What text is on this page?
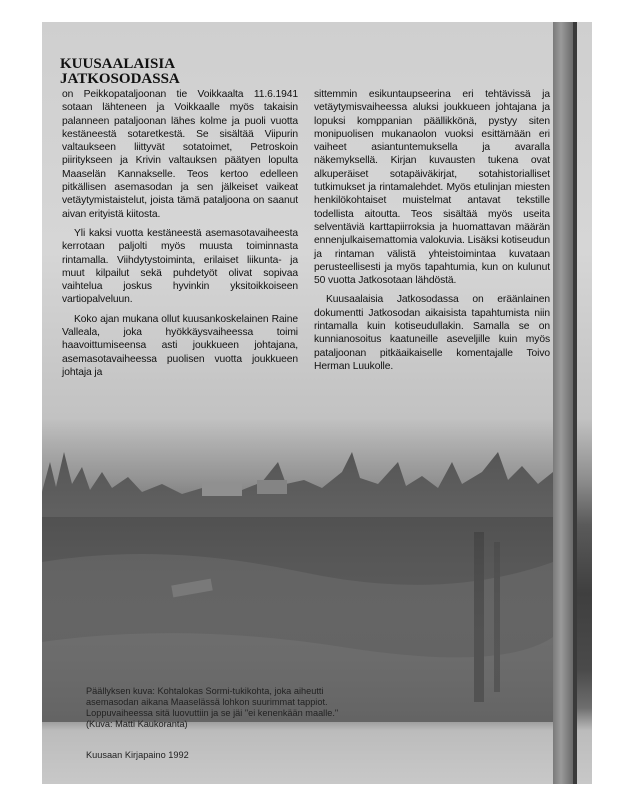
KUUSAALAISIA
JATKOSODASSA

on Peikkopataljoonan tie Voikkaalta 11.6.1941 sotaan lähteneen ja Voikkaalle myös takaisin palanneen pataljoonan lähes kolme ja puoli vuotta kestäneestä sotaretkestä. Se sisältää Viipurin valtaukseen liittyvät sotatoimet, Petroskoin piiritykseen ja Krivin valtauksen päätyen lopulta Maaselän Kannakselle. Teos kertoo edelleen pitkällisen asemasodan ja sen jälkeiset vaikeat vetäytymistaistelut, joista tämä pataljoona on saanut aivan erityistä kiitosta.

Yli kaksi vuotta kestäneestä asemasotavaiheesta kerrotaan paljolti myös muusta toiminnasta rintamalla. Viihdytystoiminta, erilaiset liikunta- ja muut kilpailut sekä puhdetyöt olivat sopivaa vaihtelua joskus hyvinkin yksitoikkoiseen vartiopalveluun.

Koko ajan mukana ollut kuusankoskelainen Raine Valleala, joka hyökkäysvaiheessa toimi haavoittumiseensa asti joukkueen johtajana, asemasotavaiheessa puolisen vuotta joukkueen johtaja ja

sittemmin esikuntaupseerina eri tehtävissä ja vetäytymisvaiheessa aluksi joukkueen johtajana ja lopuksi komppanian päällikkönä, pystyy siten monipuolisen mukanaolon vuoksi esittämään eri vaiheet asiantuntemuksella ja avaralla näkemyksellä. Kirjan kuvausten tukena ovat alkuperäiset sotapäiväkirjat, sotahistorialliset tutkimukset ja rintamalehdet. Myös etulinjan miesten henkilökohtaiset muistelmat antavat tekstille todellista aitoutta. Teos sisältää myös useita selventäviä karttapiirroksia ja huomattavan määrän ennenjulkaisemattomia valokuvia. Lisäksi kotiseudun ja rintaman välistä yhteistoimintaa kuvataan perusteellisesti ja myös tapahtumia, kun on kulunut 50 vuotta Jatkosotaan lähdöstä.

Kuusaalaisia Jatkosodassa on eräänlainen dokumentti Jatkosodan aikaisista tapahtumista niin rintamalla kuin kotiseudullakin. Samalla se on kunnianosoitus kaatuneille aseveljille kuin myös pataljoonan pitkäaikaiselle komentajalle Toivo Herman Luukolle.

Päällyksen kuva: Kohtalokas Sormi-tukikohta, joka aiheutti
asemasodan aikana Maaselässä lohkon suurimmat tappiot.
Loppuvaiheessa sitä luovuttiin ja se jäi "ei kenenkään maalle."
(Kuva: Matti Kaukoranta)

Kuusaan Kirjapaino 1992
